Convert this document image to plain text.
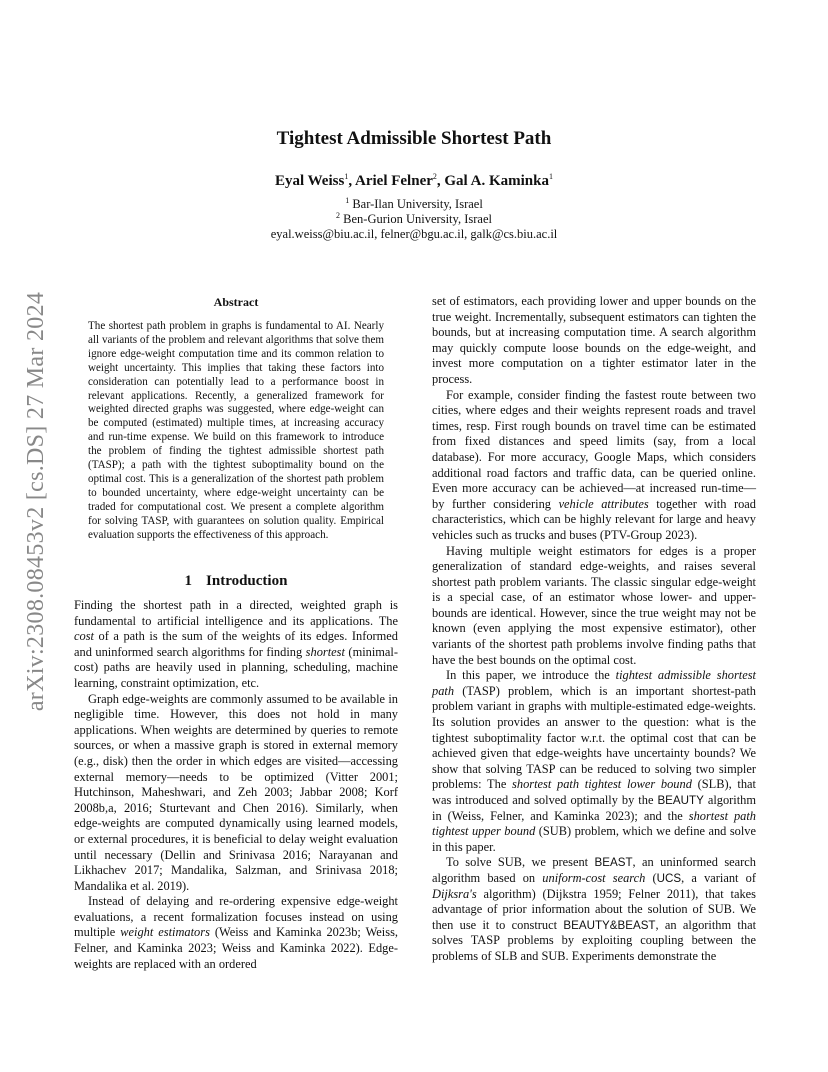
arXiv:2308.08453v2 [cs.DS] 27 Mar 2024
Tightest Admissible Shortest Path
Eyal Weiss$^1$, Ariel Felner$^2$, Gal A. Kaminka$^1$
$^1$ Bar-Ilan University, Israel
$^2$ Ben-Gurion University, Israel
eyal.weiss@biu.ac.il, felner@bgu.ac.il, galk@cs.biu.ac.il
Abstract
The shortest path problem in graphs is fundamental to AI. Nearly all variants of the problem and relevant algorithms that solve them ignore edge-weight computation time and its common relation to weight uncertainty. This implies that taking these factors into consideration can potentially lead to a performance boost in relevant applications. Recently, a generalized framework for weighted directed graphs was suggested, where edge-weight can be computed (estimated) multiple times, at increasing accuracy and run-time expense. We build on this framework to introduce the problem of finding the tightest admissible shortest path (TASP); a path with the tightest suboptimality bound on the optimal cost. This is a generalization of the shortest path problem to bounded uncertainty, where edge-weight uncertainty can be traded for computational cost. We present a complete algorithm for solving TASP, with guarantees on solution quality. Empirical evaluation supports the effectiveness of this approach.
1 Introduction

Finding the shortest path in a directed, weighted graph is fundamental to artificial intelligence and its applications. The cost of a path is the sum of the weights of its edges. Informed and uninformed search algorithms for finding shortest (minimal-cost) paths are heavily used in planning, scheduling, machine learning, constraint optimization, etc.

Graph edge-weights are commonly assumed to be available in negligible time. However, this does not hold in many applications. When weights are determined by queries to remote sources, or when a massive graph is stored in external memory (e.g., disk) then the order in which edges are visited—accessing external memory—needs to be optimized (Vitter 2001; Hutchinson, Maheshwari, and Zeh 2003; Jabbar 2008; Korf 2008b,a, 2016; Sturtevant and Chen 2016). Similarly, when edge-weights are computed dynamically using learned models, or external procedures, it is beneficial to delay weight evaluation until necessary (Dellin and Srinivasa 2016; Narayanan and Likhachev 2017; Mandalika, Salzman, and Srinivasa 2018; Mandalika et al. 2019).

Instead of delaying and re-ordering expensive edge-weight evaluations, a recent formalization focuses instead on using multiple weight estimators (Weiss and Kaminka 2023b; Weiss, Felner, and Kaminka 2023; Weiss and Kaminka 2022). Edge-weights are replaced with an ordered

set of estimators, each providing lower and upper bounds on the true weight. Incrementally, subsequent estimators can tighten the bounds, but at increasing computation time. A search algorithm may quickly compute loose bounds on the edge-weight, and invest more computation on a tighter estimator later in the process.

For example, consider finding the fastest route between two cities, where edges and their weights represent roads and travel times, resp. First rough bounds on travel time can be estimated from fixed distances and speed limits (say, from a local database). For more accuracy, Google Maps, which considers additional road factors and traffic data, can be queried online. Even more accuracy can be achieved—at increased run-time—by further considering vehicle attributes together with road characteristics, which can be highly relevant for large and heavy vehicles such as trucks and buses (PTV-Group 2023).

Having multiple weight estimators for edges is a proper generalization of standard edge-weights, and raises several shortest path problem variants. The classic singular edge-weight is a special case, of an estimator whose lower- and upper- bounds are identical. However, since the true weight may not be known (even applying the most expensive estimator), other variants of the shortest path problems involve finding paths that have the best bounds on the optimal cost.

In this paper, we introduce the tightest admissible shortest path (TASP) problem, which is an important shortest-path problem variant in graphs with multiple-estimated edge-weights. Its solution provides an answer to the question: what is the tightest suboptimality factor w.r.t. the optimal cost that can be achieved given that edge-weights have uncertainty bounds? We show that solving TASP can be reduced to solving two simpler problems: The shortest path tightest lower bound (SLB), that was introduced and solved optimally by the BEAUTY algorithm in (Weiss, Felner, and Kaminka 2023); and the shortest path tightest upper bound (SUB) problem, which we define and solve in this paper.

To solve SUB, we present BEAST, an uninformed search algorithm based on uniform-cost search (UCS, a variant of Dijksra's algorithm) (Dijkstra 1959; Felner 2011), that takes advantage of prior information about the solution of SUB. We then use it to construct BEAUTY&BEAST, an algorithm that solves TASP problems by exploiting coupling between the problems of SLB and SUB. Experiments demonstrate the
